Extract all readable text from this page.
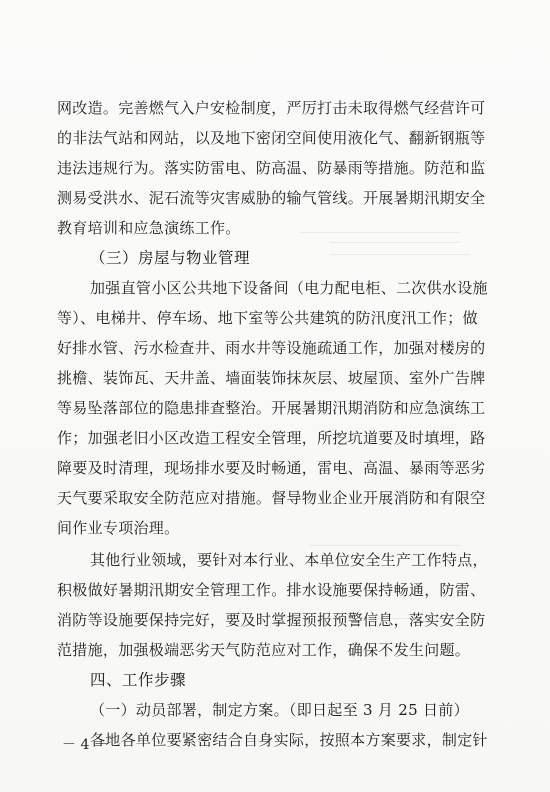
网改造。完善燃气入户安检制度，严厉打击未取得燃气经营许可
的非法气站和网站，以及地下密闭空间使用液化气、翻新钢瓶等
违法违规行为。落实防雷电、防高温、防暴雨等措施。防范和监
测易受洪水、泥石流等灾害威胁的输气管线。开展暑期汛期安全
教育培训和应急演练工作。
（三）房屋与物业管理
加强直管小区公共地下设备间（电力配电柜、二次供水设施
等）、电梯井、停车场、地下室等公共建筑的防汛度汛工作；做
好排水管、污水检查井、雨水井等设施疏通工作，加强对楼房的
挑檐、装饰瓦、天井盖、墙面装饰抹灰层、坡屋顶、室外广告牌
等易坠落部位的隐患排查整治。开展暑期汛期消防和应急演练工
作；加强老旧小区改造工程安全管理，所挖坑道要及时填埋，路
障要及时清理，现场排水要及时畅通，雷电、高温、暴雨等恶劣
天气要采取安全防范应对措施。督导物业企业开展消防和有限空
间作业专项治理。
其他行业领域，要针对本行业、本单位安全生产工作特点，
积极做好暑期汛期安全管理工作。排水设施要保持畅通，防雷、
消防等设施要保持完好，要及时掌握预报预警信息，落实安全防
范措施，加强极端恶劣天气防范应对工作，确保不发生问题。
四、工作步骤
（一）动员部署，制定方案。（即日起至 3 月 25 日前）
各地各单位要紧密结合自身实际，按照本方案要求，制定针
－ 4 －
